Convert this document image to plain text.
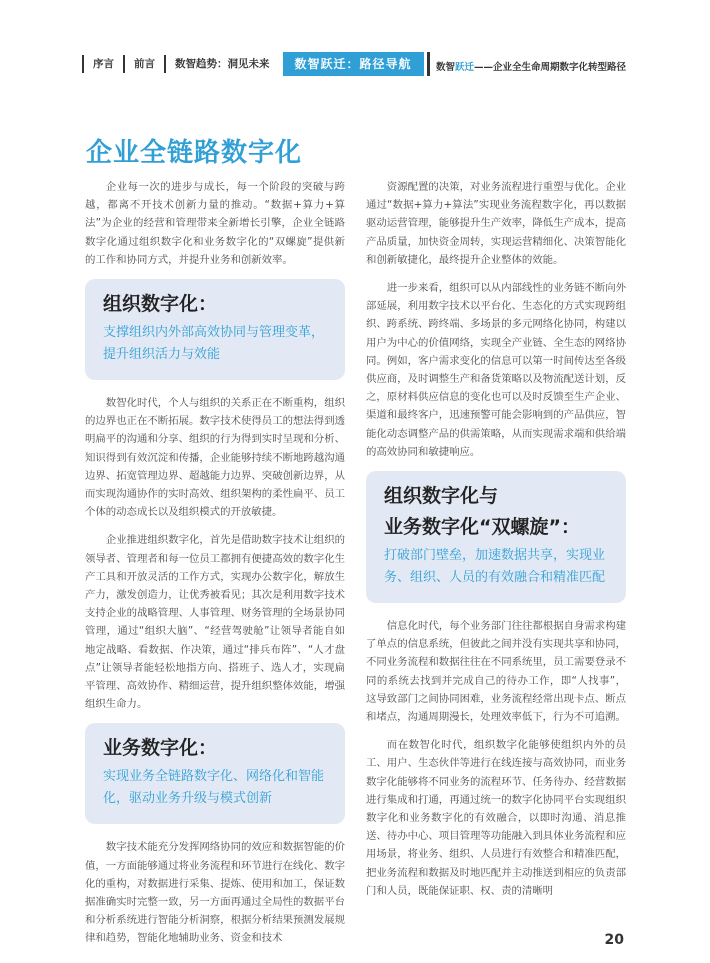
序言	前言	数智趋势：洞见未来	数智跃迁：路径导航	数智跃迁——企业全生命周期数字化转型路径
企业全链路数字化

企业每一次的进步与成长，每一个阶段的突破与跨越，都离不开技术创新力量的推动。“数据+算力+算法”为企业的经营和管理带来全新增长引擎，企业全链路数字化通过组织数字化和业务数字化的“双螺旋”提供新的工作和协同方式，并提升业务和创新效率。

组织数字化：
支撑组织内外部高效协同与管理变革，提升组织活力与效能

数智化时代，个人与组织的关系正在不断重构，组织的边界也正在不断拓展。数字技术使得员工的想法得到透明扁平的沟通和分享、组织的行为得到实时呈现和分析、知识得到有效沉淀和传播，企业能够持续不断地跨越沟通边界、拓宽管理边界、超越能力边界、突破创新边界，从而实现沟通协作的实时高效、组织架构的柔性扁平、员工个体的动态成长以及组织模式的开放敏捷。

企业推进组织数字化，首先是借助数字技术让组织的领导者、管理者和每一位员工都拥有便捷高效的数字化生产工具和开放灵活的工作方式，实现办公数字化，解放生产力，激发创造力，让优秀被看见；其次是利用数字技术支持企业的战略管理、人事管理、财务管理的全场景协同管理，通过“组织大脑”、“经营驾驶舱”让领导者能自如地定战略、看数据、作决策，通过“排兵布阵”、“人才盘点”让领导者能轻松地指方向、搭班子、选人才，实现扁平管理、高效协作、精细运营，提升组织整体效能，增强组织生命力。

业务数字化：
实现业务全链路数字化、网络化和智能化，驱动业务升级与模式创新

数字技术能充分发挥网络协同的效应和数据智能的价值，一方面能够通过将业务流程和环节进行在线化、数字化的重构，对数据进行采集、提炼、使用和加工，保证数据准确实时完整一致，另一方面再通过全局性的数据平台和分析系统进行智能分析洞察，根据分析结果预测发展规律和趋势，智能化地辅助业务、资金和技术

资源配置的决策，对业务流程进行重塑与优化。企业通过“数据+算力+算法”实现业务流程数字化，再以数据驱动运营管理，能够提升生产效率，降低生产成本，提高产品质量，加快资金周转，实现运营精细化、决策智能化和创新敏捷化，最终提升企业整体的效能。

进一步来看，组织可以从内部线性的业务链不断向外部延展，利用数字技术以平台化、生态化的方式实现跨组织、跨系统、跨终端、多场景的多元网络化协同，构建以用户为中心的价值网络，实现全产业链、全生态的网络协同。例如，客户需求变化的信息可以第一时间传达至各级供应商，及时调整生产和备货策略以及物流配送计划，反之，原材料供应信息的变化也可以及时反馈至生产企业、渠道和最终客户，迅速预警可能会影响到的产品供应，智能化动态调整产品的供需策略，从而实现需求端和供给端的高效协同和敏捷响应。

组织数字化与
业务数字化“双螺旋”：
打破部门壁垒，加速数据共享，实现业务、组织、人员的有效融合和精准匹配

信息化时代，每个业务部门往往都根据自身需求构建了单点的信息系统，但彼此之间并没有实现共享和协同，不同业务流程和数据往往在不同系统里，员工需要登录不同的系统去找到并完成自己的待办工作，即“人找事”，这导致部门之间协同困难，业务流程经常出现卡点、断点和堵点，沟通周期漫长，处理效率低下，行为不可追溯。

而在数智化时代，组织数字化能够使组织内外的员工、用户、生态伙伴等进行在线连接与高效协同，而业务数字化能够将不同业务的流程环节、任务待办、经营数据进行集成和打通，再通过统一的数字化协同平台实现组织数字化和业务数字化的有效融合，以即时沟通、消息推送、待办中心、项目管理等功能融入到具体业务流程和应用场景，将业务、组织、人员进行有效整合和精准匹配，把业务流程和数据及时地匹配并主动推送到相应的负责部门和人员，既能保证职、权、责的清晰明

20
